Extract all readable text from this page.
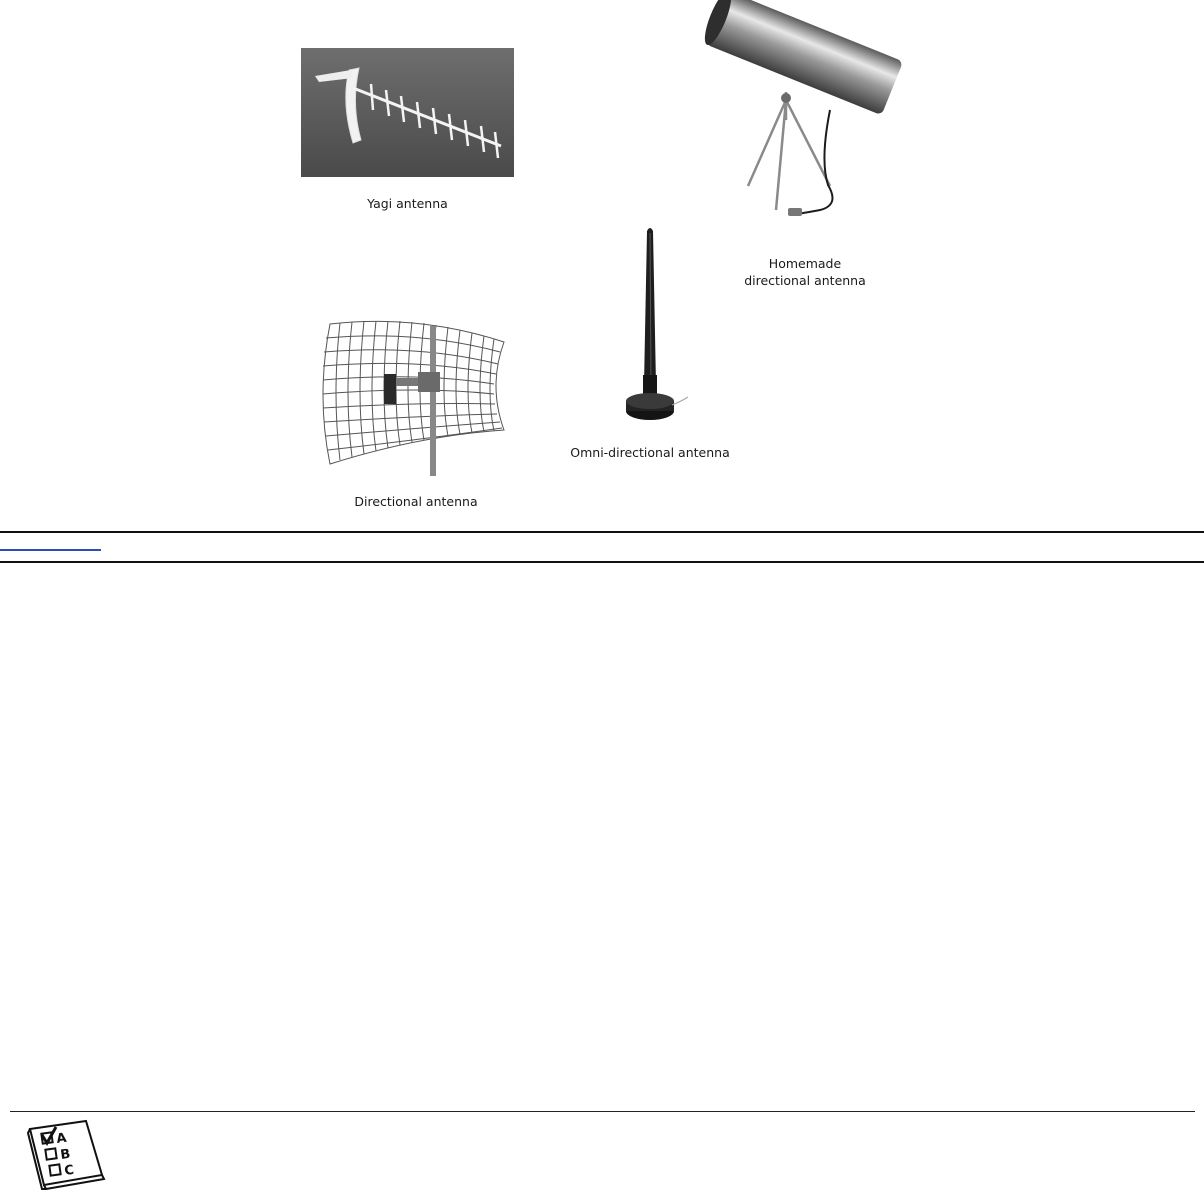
Yagi antenna
Homemade
directional antenna
Omni-directional antenna
Directional antenna
A
B
C
